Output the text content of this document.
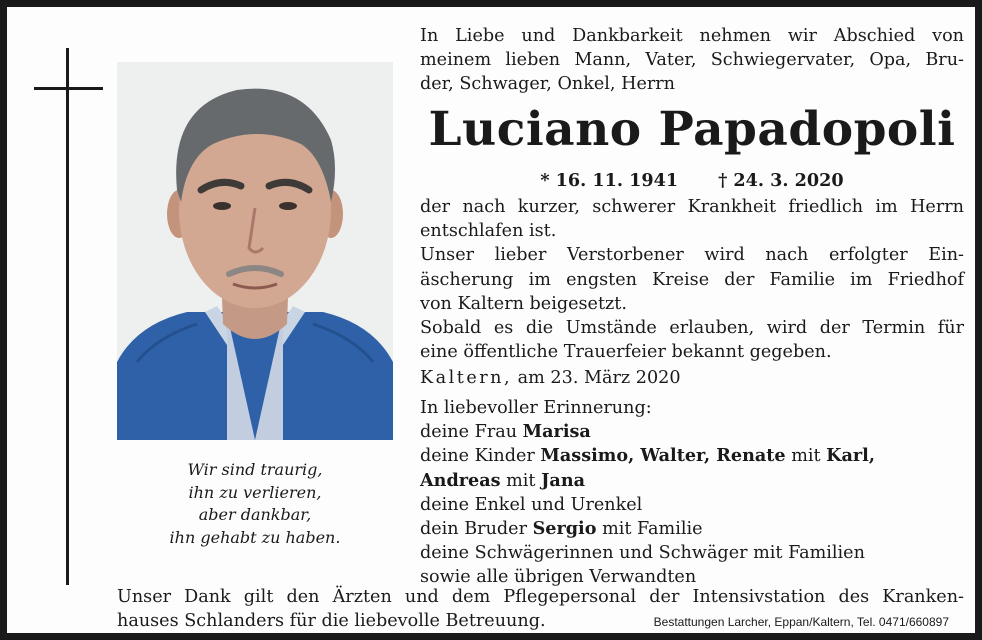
Wir sind traurig,
ihn zu verlieren,
aber dankbar,
ihn gehabt zu haben.
In Liebe und Dankbarkeit nehmen wir Abschied von
meinem lieben Mann, Vater, Schwiegervater, Opa, Bru-
der, Schwager, Onkel, Herrn
Luciano Papadopoli
* 16. 11. 1941 † 24. 3. 2020
der nach kurzer, schwerer Krankheit friedlich im Herrn
entschlafen ist.
Unser lieber Verstorbener wird nach erfolgter Ein-
äscherung im engsten Kreise der Familie im Friedhof
von Kaltern beigesetzt.
Sobald es die Umstände erlauben, wird der Termin für
eine öffentliche Trauerfeier bekannt gegeben.
Kaltern, am 23. März 2020
In liebevoller Erinnerung:
deine Frau Marisa
deine Kinder Massimo, Walter, Renate mit Karl,
Andreas mit Jana
deine Enkel und Urenkel
dein Bruder Sergio mit Familie
deine Schwägerinnen und Schwäger mit Familien
sowie alle übrigen Verwandten
Unser Dank gilt den Ärzten und dem Pflegepersonal der Intensivstation des Kranken-
hauses Schlanders für die liebevolle Betreuung.	Bestattungen Larcher, Eppan/Kaltern, Tel. 0471/660897
